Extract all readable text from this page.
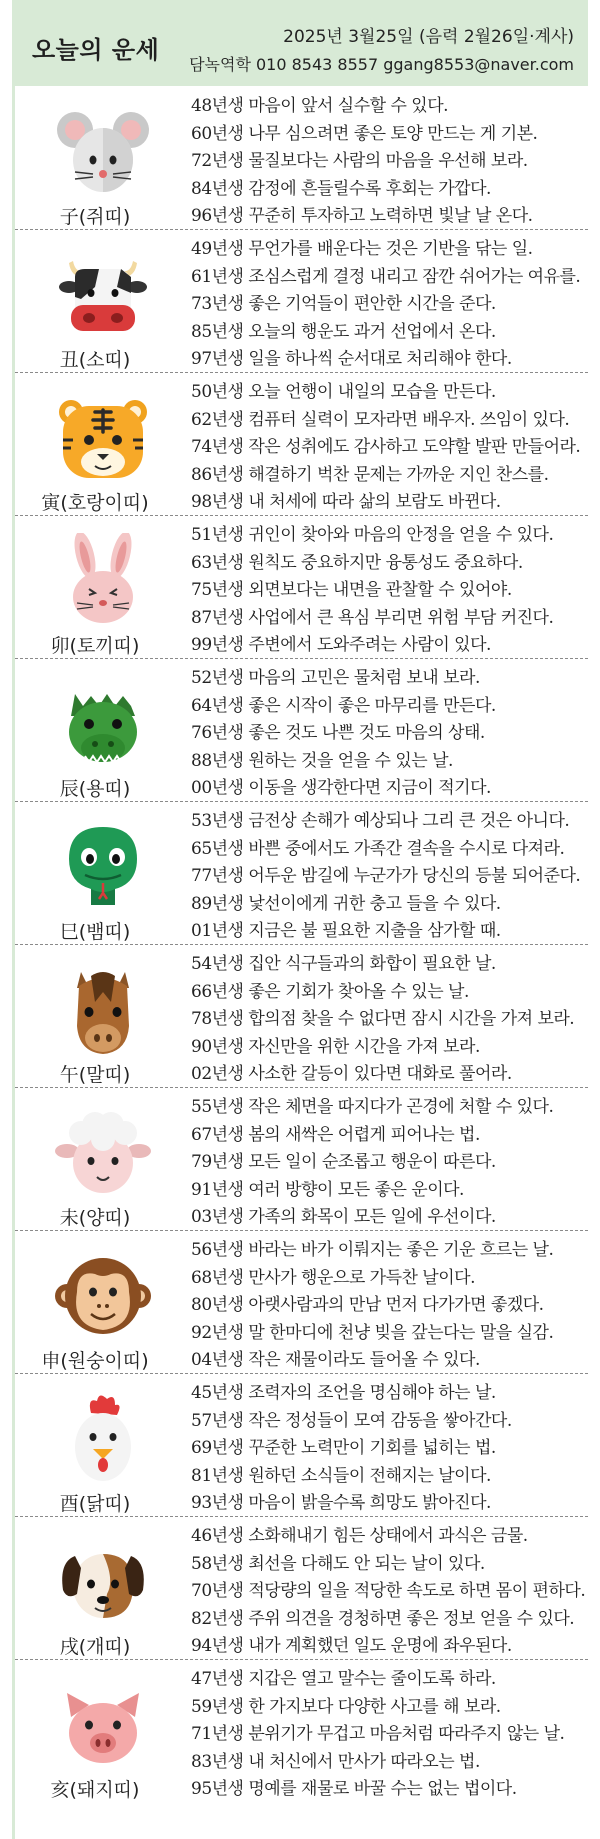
오늘의 운세	2025년 3월25일 (음력 2월26일·계사)
담녹역학 010 8543 8557 ggang8553@naver.com
子(쥐띠)
48년생 마음이 앞서 실수할 수 있다.
60년생 나무 심으려면 좋은 토양 만드는 게 기본.
72년생 물질보다는 사람의 마음을 우선해 보라.
84년생 감정에 흔들릴수록 후회는 가깝다.
96년생 꾸준히 투자하고 노력하면 빛날 날 온다.
丑(소띠)
49년생 무언가를 배운다는 것은 기반을 닦는 일.
61년생 조심스럽게 결정 내리고 잠깐 쉬어가는 여유를.
73년생 좋은 기억들이 편안한 시간을 준다.
85년생 오늘의 행운도 과거 선업에서 온다.
97년생 일을 하나씩 순서대로 처리해야 한다.
寅(호랑이띠)
50년생 오늘 언행이 내일의 모습을 만든다.
62년생 컴퓨터 실력이 모자라면 배우자. 쓰임이 있다.
74년생 작은 성취에도 감사하고 도약할 발판 만들어라.
86년생 해결하기 벅찬 문제는 가까운 지인 찬스를.
98년생 내 처세에 따라 삶의 보람도 바뀐다.
卯(토끼띠)
51년생 귀인이 찾아와 마음의 안정을 얻을 수 있다.
63년생 원칙도 중요하지만 융통성도 중요하다.
75년생 외면보다는 내면을 관찰할 수 있어야.
87년생 사업에서 큰 욕심 부리면 위험 부담 커진다.
99년생 주변에서 도와주려는 사람이 있다.
辰(용띠)
52년생 마음의 고민은 물처럼 보내 보라.
64년생 좋은 시작이 좋은 마무리를 만든다.
76년생 좋은 것도 나쁜 것도 마음의 상태.
88년생 원하는 것을 얻을 수 있는 날.
00년생 이동을 생각한다면 지금이 적기다.
巳(뱀띠)
53년생 금전상 손해가 예상되나 그리 큰 것은 아니다.
65년생 바쁜 중에서도 가족간 결속을 수시로 다져라.
77년생 어두운 밤길에 누군가가 당신의 등불 되어준다.
89년생 낯선이에게 귀한 충고 들을 수 있다.
01년생 지금은 불 필요한 지출을 삼가할 때.
午(말띠)
54년생 집안 식구들과의 화합이 필요한 날.
66년생 좋은 기회가 찾아올 수 있는 날.
78년생 합의점 찾을 수 없다면 잠시 시간을 가져 보라.
90년생 자신만을 위한 시간을 가져 보라.
02년생 사소한 갈등이 있다면 대화로 풀어라.
未(양띠)
55년생 작은 체면을 따지다가 곤경에 처할 수 있다.
67년생 봄의 새싹은 어렵게 피어나는 법.
79년생 모든 일이 순조롭고 행운이 따른다.
91년생 여러 방향이 모든 좋은 운이다.
03년생 가족의 화목이 모든 일에 우선이다.
申(원숭이띠)
56년생 바라는 바가 이뤄지는 좋은 기운 흐르는 날.
68년생 만사가 행운으로 가득찬 날이다.
80년생 아랫사람과의 만남 먼저 다가가면 좋겠다.
92년생 말 한마디에 천냥 빚을 갚는다는 말을 실감.
04년생 작은 재물이라도 들어올 수 있다.
酉(닭띠)
45년생 조력자의 조언을 명심해야 하는 날.
57년생 작은 정성들이 모여 감동을 쌓아간다.
69년생 꾸준한 노력만이 기회를 넓히는 법.
81년생 원하던 소식들이 전해지는 날이다.
93년생 마음이 밝을수록 희망도 밝아진다.
戌(개띠)
46년생 소화해내기 힘든 상태에서 과식은 금물.
58년생 최선을 다해도 안 되는 날이 있다.
70년생 적당량의 일을 적당한 속도로 하면 몸이 편하다.
82년생 주위 의견을 경청하면 좋은 정보 얻을 수 있다.
94년생 내가 계획했던 일도 운명에 좌우된다.
亥(돼지띠)
47년생 지갑은 열고 말수는 줄이도록 하라.
59년생 한 가지보다 다양한 사고를 해 보라.
71년생 분위기가 무겁고 마음처럼 따라주지 않는 날.
83년생 내 처신에서 만사가 따라오는 법.
95년생 명예를 재물로 바꿀 수는 없는 법이다.
